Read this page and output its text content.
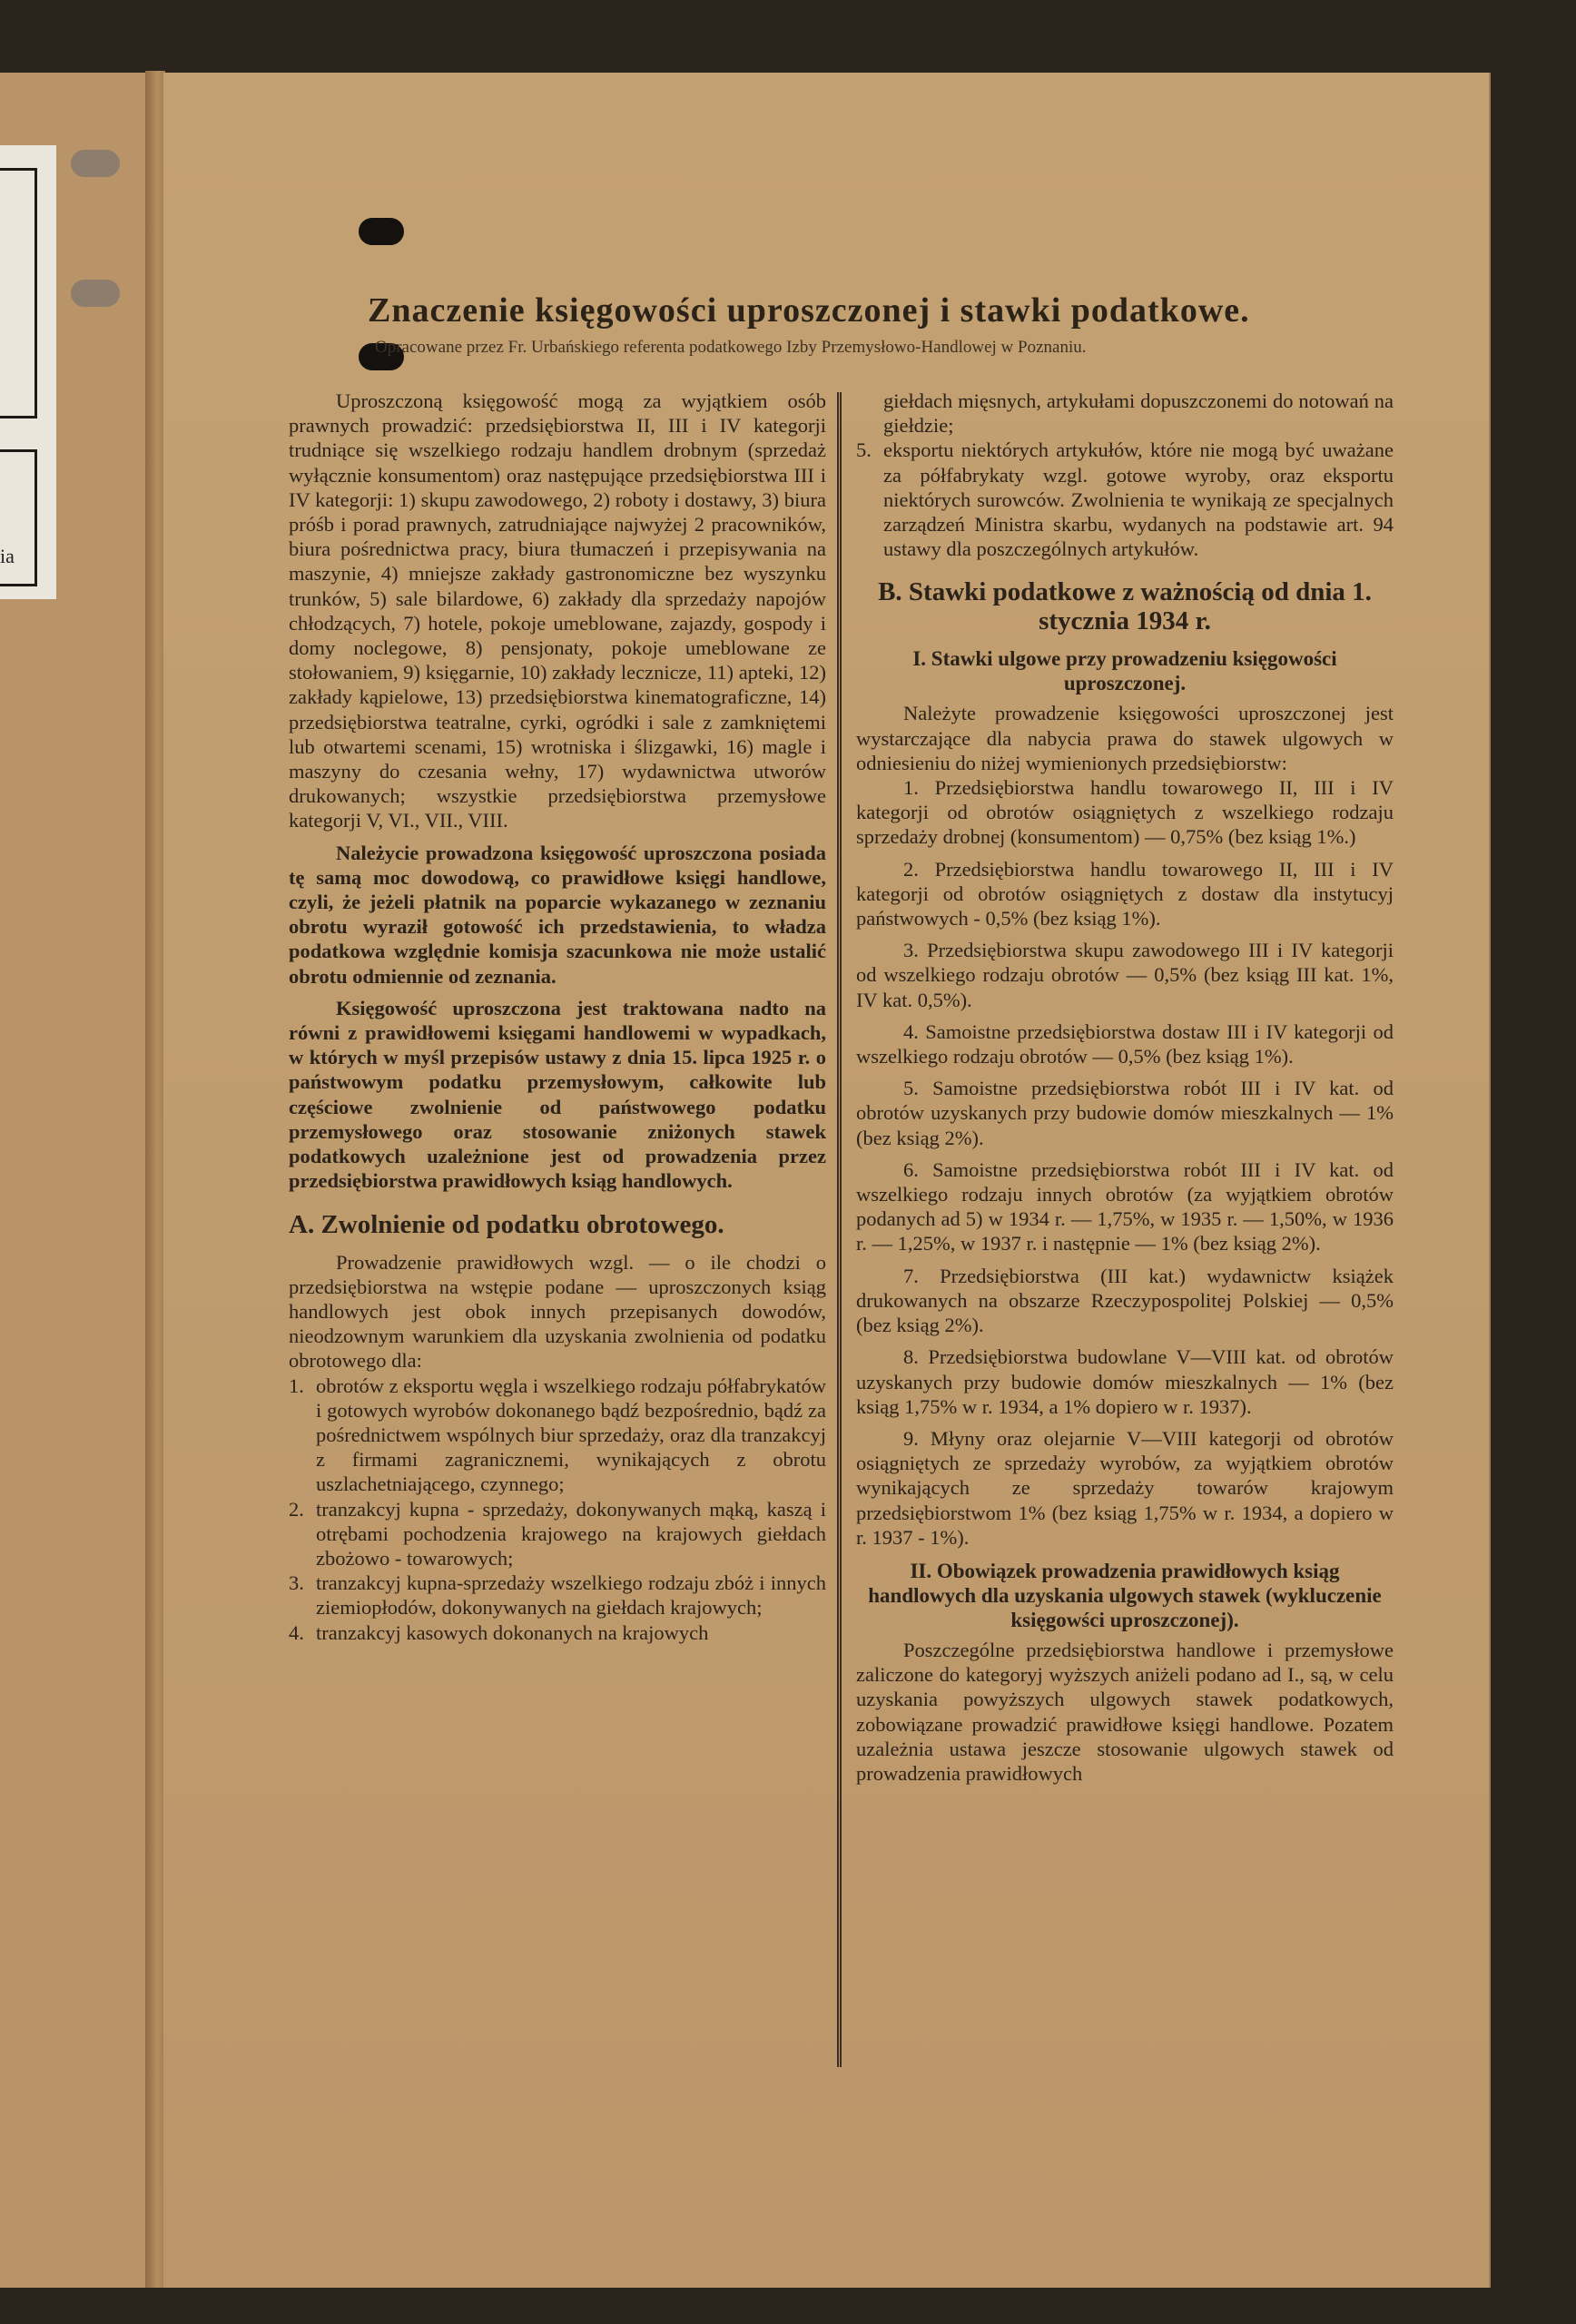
ia
Znaczenie księgowości uproszczonej i stawki podatkowe.
Opracowane przez Fr. Urbańskiego referenta podatkowego Izby Przemysłowo-Handlowej w Poznaniu.

Uproszczoną księgowość mogą za wyjątkiem osób prawnych prowadzić: przedsiębiorstwa II, III i IV kategorji trudniące się wszelkiego rodzaju handlem drobnym (sprzedaż wyłącznie konsumentom) oraz następujące przedsiębiorstwa III i IV kategorji: 1) skupu zawodowego, 2) roboty i dostawy, 3) biura próśb i porad prawnych, zatrudniające najwyżej 2 pracowników, biura pośrednictwa pracy, biura tłumaczeń i przepisywania na maszynie, 4) mniejsze zakłady gastronomiczne bez wyszynku trunków, 5) sale bilardowe, 6) zakłady dla sprzedaży napojów chłodzących, 7) hotele, pokoje umeblowane, zajazdy, gospody i domy noclegowe, 8) pensjonaty, pokoje umeblowane ze stołowaniem, 9) księgarnie, 10) zakłady lecznicze, 11) apteki, 12) zakłady kąpielowe, 13) przedsiębiorstwa kinematograficzne, 14) przedsiębiorstwa teatralne, cyrki, ogródki i sale z zamkniętemi lub otwartemi scenami, 15) wrotniska i ślizgawki, 16) magle i maszyny do czesania wełny, 17) wydawnictwa utworów drukowanych; wszystkie przedsiębiorstwa przemysłowe kategorji V, VI., VII., VIII.

Należycie prowadzona księgowość uproszczona posiada tę samą moc dowodową, co prawidłowe księgi handlowe, czyli, że jeżeli płatnik na poparcie wykazanego w zeznaniu obrotu wyraził gotowość ich przedstawienia, to władza podatkowa względnie komisja szacunkowa nie może ustalić obrotu odmiennie od zeznania.

Księgowość uproszczona jest traktowana nadto na równi z prawidłowemi księgami handlowemi w wypadkach, w których w myśl przepisów ustawy z dnia 15. lipca 1925 r. o państwowym podatku przemysłowym, całkowite lub częściowe zwolnienie od państwowego podatku przemysłowego oraz stosowanie zniżonych stawek podatkowych uzależnione jest od prowadzenia przez przedsiębiorstwa prawidłowych ksiąg handlowych.

A. Zwolnienie od podatku obrotowego.

Prowadzenie prawidłowych wzgl. — o ile chodzi o przedsiębiorstwa na wstępie podane — uproszczonych ksiąg handlowych jest obok innych przepisanych dowodów, nieodzownym warunkiem dla uzyskania zwolnienia od podatku obrotowego dla:

1. obrotów z eksportu węgla i wszelkiego rodzaju półfabrykatów i gotowych wyrobów dokonanego bądź bezpośrednio, bądź za pośrednictwem wspólnych biur sprzedaży, oraz dla tranzakcyj z firmami zagranicznemi, wynikających z obrotu uszlachetniającego, czynnego;
2. tranzakcyj kupna - sprzedaży, dokonywanych mąką, kaszą i otrębami pochodzenia krajowego na krajowych giełdach zbożowo - towarowych;
3. tranzakcyj kupna-sprzedaży wszelkiego rodzaju zbóż i innych ziemiopłodów, dokonywanych na giełdach krajowych;
4. tranzakcyj kasowych dokonanych na krajowych

giełdach mięsnych, artykułami dopuszczonemi do notowań na giełdzie;

5. eksportu niektórych artykułów, które nie mogą być uważane za półfabrykaty wzgl. gotowe wyroby, oraz eksportu niektórych surowców. Zwolnienia te wynikają ze specjalnych zarządzeń Ministra skarbu, wydanych na podstawie art. 94 ustawy dla poszczególnych artykułów.
B. Stawki podatkowe z ważnością od dnia 1. stycznia 1934 r.
I. Stawki ulgowe przy prowadzeniu księgowości uproszczonej.

Należyte prowadzenie księgowości uproszczonej jest wystarczające dla nabycia prawa do stawek ulgowych w odniesieniu do niżej wymienionych przedsiębiorstw:

1. Przedsiębiorstwa handlu towarowego II, III i IV kategorji od obrotów osiągniętych z wszelkiego rodzaju sprzedaży drobnej (konsumentom) — 0,75% (bez ksiąg 1%.)

2. Przedsiębiorstwa handlu towarowego II, III i IV kategorji od obrotów osiągniętych z dostaw dla instytucyj państwowych - 0,5% (bez ksiąg 1%).

3. Przedsiębiorstwa skupu zawodowego III i IV kategorji od wszelkiego rodzaju obrotów — 0,5% (bez ksiąg III kat. 1%, IV kat. 0,5%).

4. Samoistne przedsiębiorstwa dostaw III i IV kategorji od wszelkiego rodzaju obrotów — 0,5% (bez ksiąg 1%).

5. Samoistne przedsiębiorstwa robót III i IV kat. od obrotów uzyskanych przy budowie domów mieszkalnych — 1% (bez ksiąg 2%).

6. Samoistne przedsiębiorstwa robót III i IV kat. od wszelkiego rodzaju innych obrotów (za wyjątkiem obrotów podanych ad 5) w 1934 r. — 1,75%, w 1935 r. — 1,50%, w 1936 r. — 1,25%, w 1937 r. i następnie — 1% (bez ksiąg 2%).

7. Przedsiębiorstwa (III kat.) wydawnictw książek drukowanych na obszarze Rzeczypospolitej Polskiej — 0,5% (bez ksiąg 2%).

8. Przedsiębiorstwa budowlane V—VIII kat. od obrotów uzyskanych przy budowie domów mieszkalnych — 1% (bez ksiąg 1,75% w r. 1934, a 1% dopiero w r. 1937).

9. Młyny oraz olejarnie V—VIII kategorji od obrotów osiągniętych ze sprzedaży wyrobów, za wyjątkiem obrotów wynikających ze sprzedaży towarów krajowym przedsiębiorstwom 1% (bez ksiąg 1,75% w r. 1934, a dopiero w r. 1937 - 1%).

II. Obowiązek prowadzenia prawidłowych ksiąg handlowych dla uzyskania ulgowych stawek (wykluczenie księgowści uproszczonej).

Poszczególne przedsiębiorstwa handlowe i przemysłowe zaliczone do kategoryj wyższych aniżeli podano ad I., są, w celu uzyskania powyższych ulgowych stawek podatkowych, zobowiązane prowadzić prawidłowe księgi handlowe. Pozatem uzależnia ustawa jeszcze stosowanie ulgowych stawek od prowadzenia prawidłowych
